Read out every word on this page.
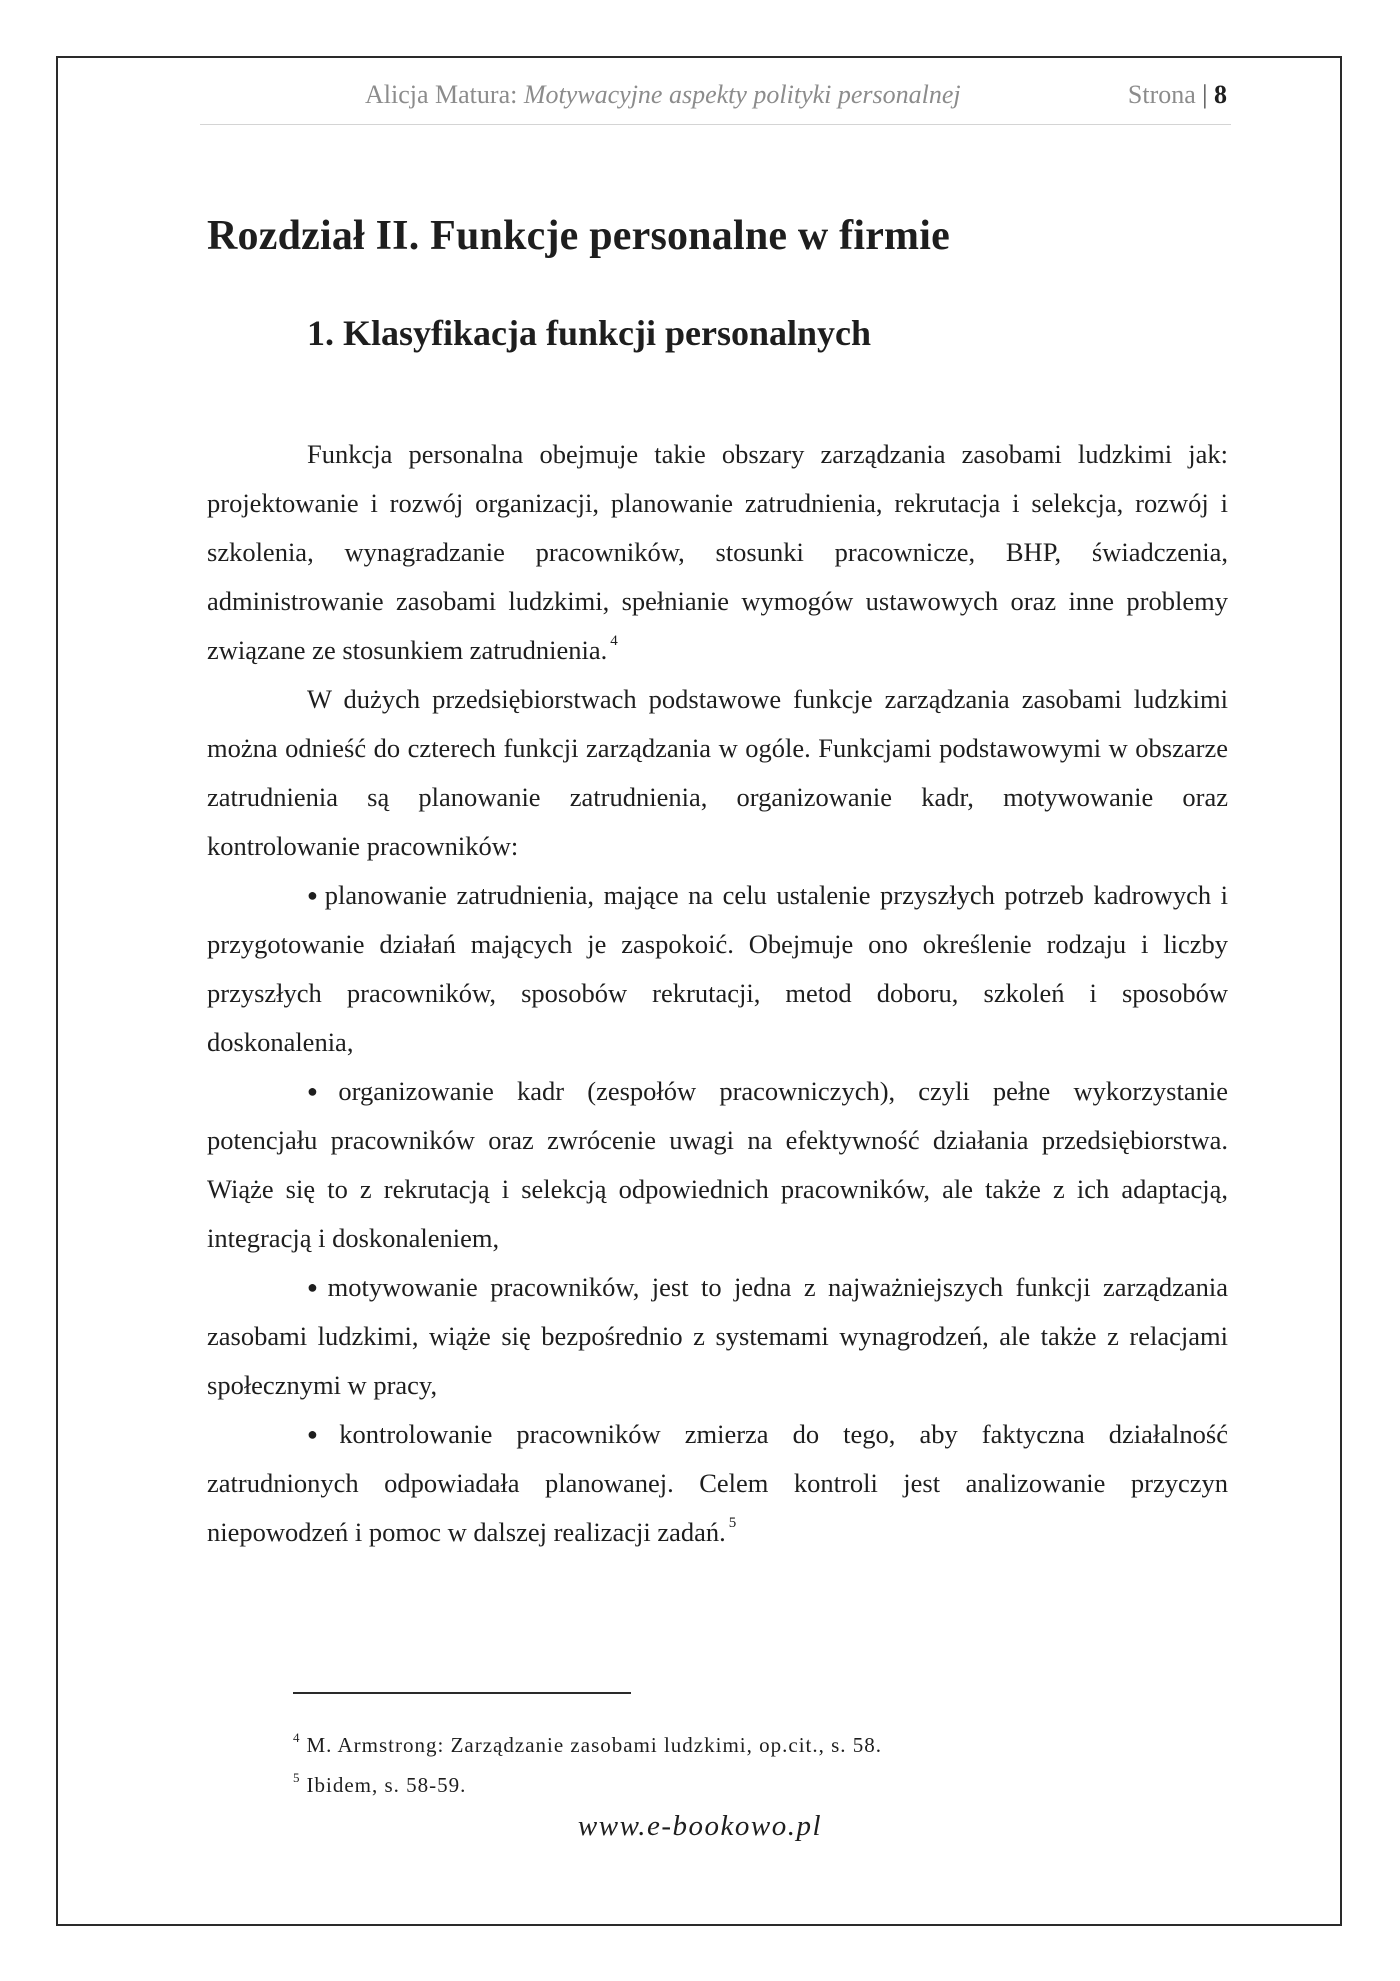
Alicja Matura: Motywacyjne aspekty polityki personalnej	Strona | 8
Rozdział II. Funkcje personalne w firmie
1. Klasyfikacja funkcji personalnych

Funkcja personalna obejmuje takie obszary zarządzania zasobami ludzkimi jak: projektowanie i rozwój organizacji, planowanie zatrudnienia, rekrutacja i selekcja, rozwój i szkolenia, wynagradzanie pracowników, stosunki pracownicze, BHP, świadczenia, administrowanie zasobami ludzkimi, spełnianie wymogów ustawowych oraz inne problemy związane ze stosunkiem zatrudnienia. $^4$

W dużych przedsiębiorstwach podstawowe funkcje zarządzania zasobami ludzkimi można odnieść do czterech funkcji zarządzania w ogóle. Funkcjami podstawowymi w obszarze zatrudnienia są planowanie zatrudnienia, organizowanie kadr, motywowanie oraz kontrolowanie pracowników:

● planowanie zatrudnienia, mające na celu ustalenie przyszłych potrzeb kadrowych i przygotowanie działań mających je zaspokoić. Obejmuje ono określenie rodzaju i liczby przyszłych pracowników, sposobów rekrutacji, metod doboru, szkoleń i sposobów doskonalenia,

● organizowanie kadr (zespołów pracowniczych), czyli pełne wykorzystanie potencjału pracowników oraz zwrócenie uwagi na efektywność działania przedsiębiorstwa. Wiąże się to z rekrutacją i selekcją odpowiednich pracowników, ale także z ich adaptacją, integracją i doskonaleniem,

● motywowanie pracowników, jest to jedna z najważniejszych funkcji zarządzania zasobami ludzkimi, wiąże się bezpośrednio z systemami wynagrodzeń, ale także z relacjami społecznymi w pracy,

● kontrolowanie pracowników zmierza do tego, aby faktyczna działalność zatrudnionych odpowiadała planowanej. Celem kontroli jest analizowanie przyczyn niepowodzeń i pomoc w dalszej realizacji zadań. $^5$

$^4$ M. Armstrong: Zarządzanie zasobami ludzkimi, op.cit., s. 58.
$^5$ Ibidem, s. 58-59.
www.e-bookowo.pl
